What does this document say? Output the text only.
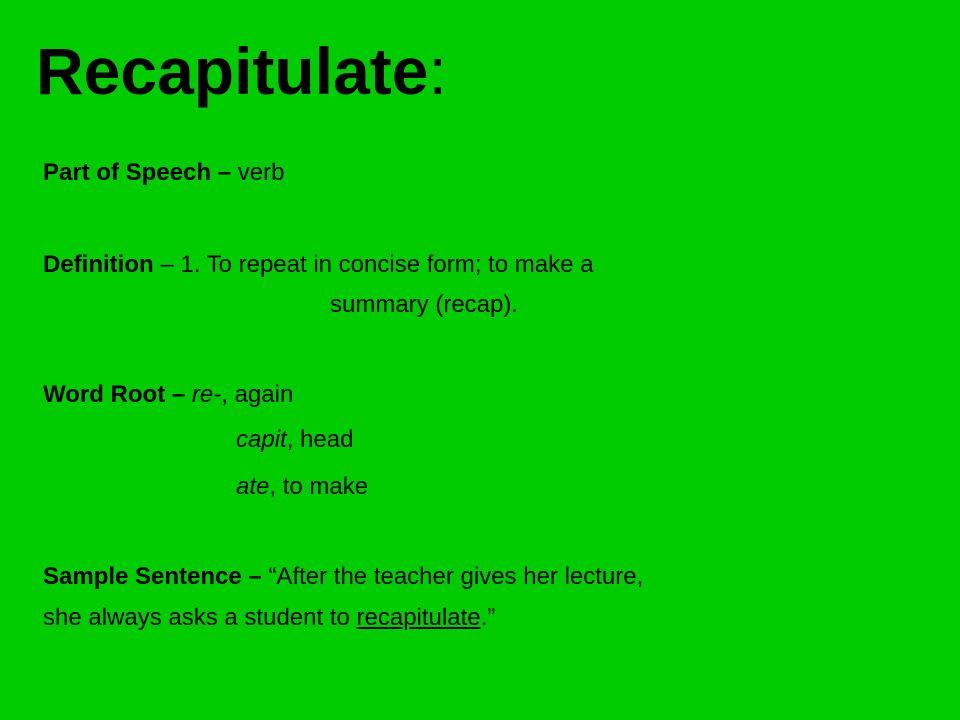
Recapitulate:
Part of Speech – verb
Definition – 1. To repeat in concise form; to make a
summary (recap).
Word Root – re-, again
capit, head
ate, to make
Sample Sentence – “After the teacher gives her lecture,
she always asks a student to recapitulate.”
